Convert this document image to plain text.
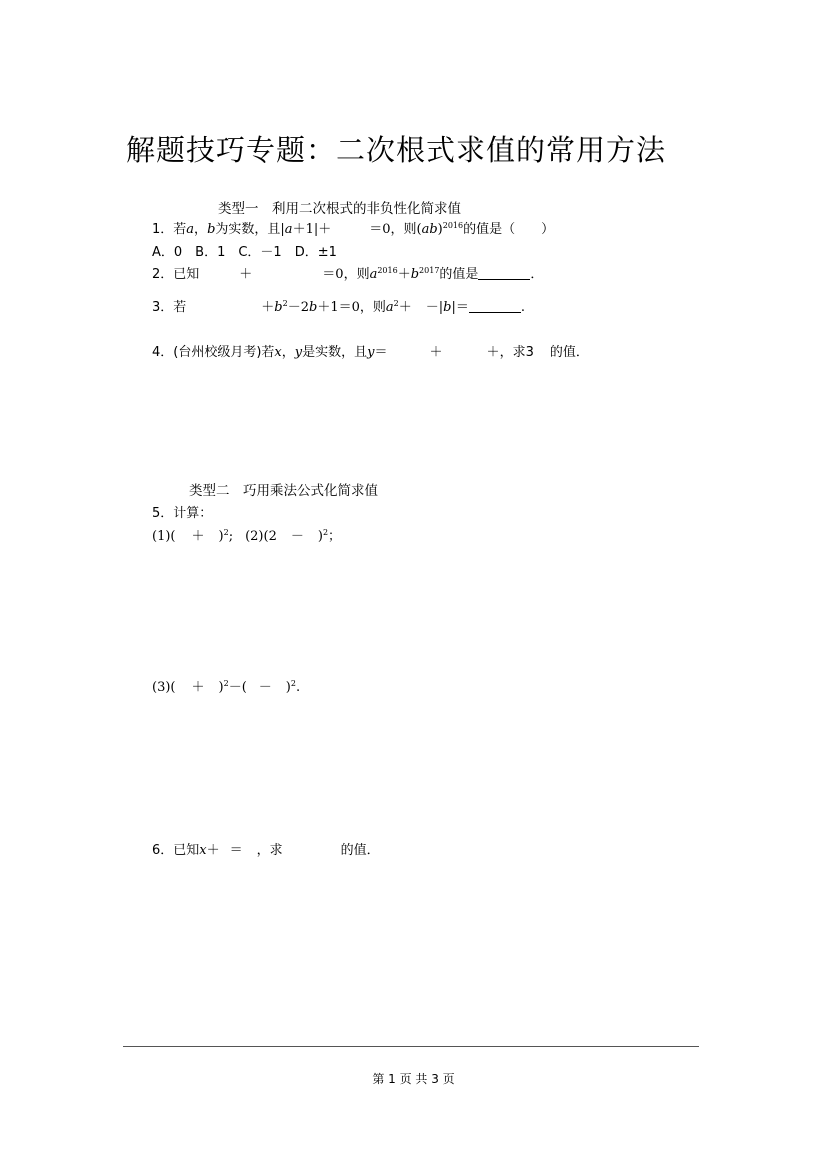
解题技巧专题：二次根式求值的常用方法
类型一　利用二次根式的非负性化简求值
1．若a，b为实数，且|a＋1|＋	＝0，则(ab)$^{2016}$的值是（　　）
A．0　B．1　C．－1　D．±1
2．已知	＋	＝0，则$a^{2016}+b^{2017}$的值是	．
3．若	$+b^2-2b+1=0$，则$a^2+ -|b|=$	.
4．(台州校级月考)若x，y是实数，且y＝	＋	＋，求3 的值．
类型二　巧用乘法公式化简求值
5．计算：
$(1)( + )^2$; $(2)(2 - )^2$；
$(3)( + )^2-( - )^2$.
6．已知x＋ ＝ ，求	的值．
第 1 页 共 3 页
